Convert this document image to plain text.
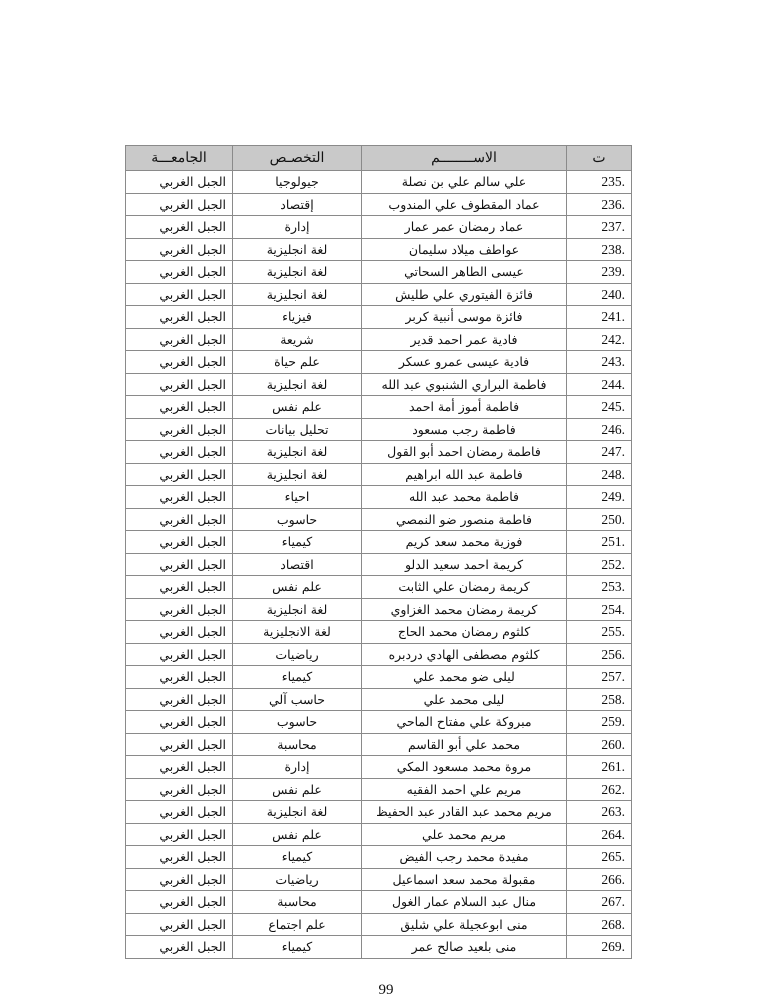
ت	الاســــــــم	التخصـص	الجامعـــة
235.	علي سالم علي بن نصلة	جيولوجيا	الجبل الغربي
236.	عماد المقطوف علي المندوب	إقتصاد	الجبل الغربي
237.	عماد رمضان عمر عمار	إدارة	الجبل الغربي
238.	عواطف ميلاد سليمان	لغة انجليزية	الجبل الغربي
239.	عيسى الطاهر السحاتي	لغة انجليزية	الجبل الغربي
240.	فائزة الفيتوري علي طليش	لغة انجليزية	الجبل الغربي
241.	فائزة موسى أنبية كربر	فيزياء	الجبل الغربي
242.	فادية عمر احمد قدير	شريعة	الجبل الغربي
243.	فادية عيسى عمرو عسكر	علم حياة	الجبل الغربي
244.	فاطمة البراري الشنبوي عبد الله	لغة انجليزية	الجبل الغربي
245.	فاطمة أموز أمة احمد	علم نفس	الجبل الغربي
246.	فاطمة رجب مسعود	تحليل بيانات	الجبل الغربي
247.	فاطمة رمضان احمد أبو القول	لغة انجليزية	الجبل الغربي
248.	فاطمة عبد الله ابراهيم	لغة انجليزية	الجبل الغربي
249.	فاطمة محمد عبد الله	احياء	الجبل الغربي
250.	فاطمة منصور ضو النمصي	حاسوب	الجبل الغربي
251.	فوزية محمد سعد كريم	كيمياء	الجبل الغربي
252.	كريمة احمد سعيد الدلو	اقتصاد	الجبل الغربي
253.	كريمة رمضان علي الثابت	علم نفس	الجبل الغربي
254.	كريمة رمضان محمد الغزاوي	لغة انجليزية	الجبل الغربي
255.	كلثوم رمضان محمد الحاج	لغة الانجليزية	الجبل الغربي
256.	كلثوم مصطفى الهادي دردبره	رياضيات	الجبل الغربي
257.	ليلى ضو محمد علي	كيمياء	الجبل الغربي
258.	ليلى محمد علي	حاسب آلي	الجبل الغربي
259.	مبروكة علي مفتاح الماحي	حاسوب	الجبل الغربي
260.	محمد علي أبو القاسم	محاسبة	الجبل الغربي
261.	مروة محمد مسعود المكي	إدارة	الجبل الغربي
262.	مريم علي احمد الفقيه	علم نفس	الجبل الغربي
263.	مريم محمد عبد القادر عبد الحفيظ	لغة انجليزية	الجبل الغربي
264.	مريم محمد علي	علم نفس	الجبل الغربي
265.	مفيدة محمد رجب الفيض	كيمياء	الجبل الغربي
266.	مقبولة محمد سعد اسماعيل	رياضيات	الجبل الغربي
267.	منال عبد السلام عمار الغول	محاسبة	الجبل الغربي
268.	منى ابوعجيلة علي شليق	علم اجتماع	الجبل الغربي
269.	منى بلعيد صالح عمر	كيمياء	الجبل الغربي
99
